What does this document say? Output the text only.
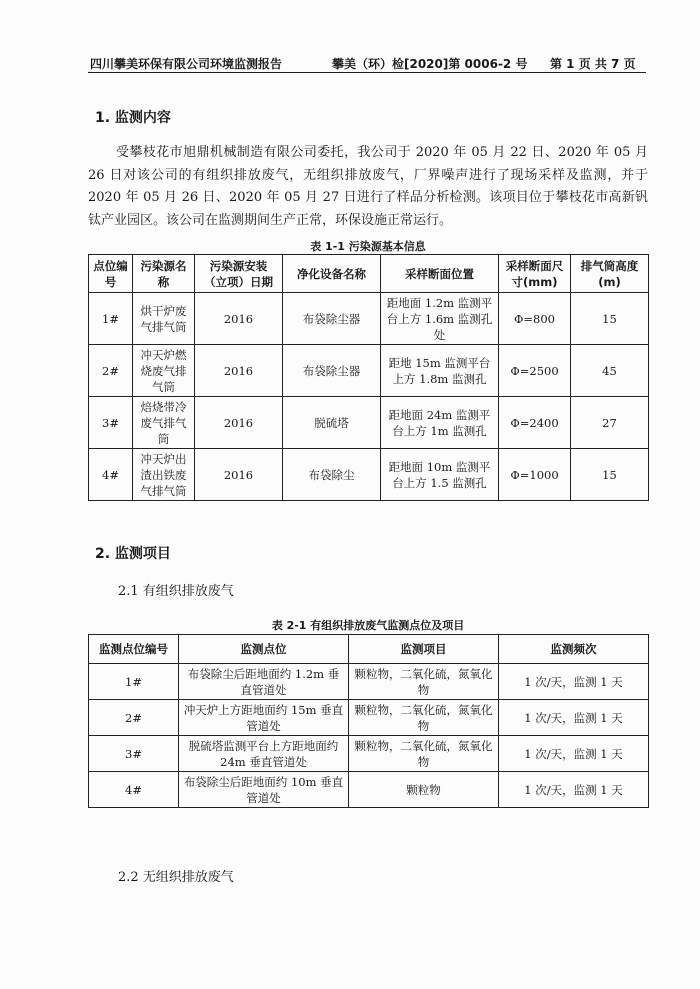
四川攀美环保有限公司环境监测报告	攀美（环）检[2020]第 0006-2 号 第 1 页 共 7 页
1. 监测内容
受攀枝花市旭鼎机械制造有限公司委托，我公司于 2020 年 05 月 22 日、2020 年 05 月 26 日对该公司的有组织排放废气，无组织排放废气，厂界噪声进行了现场采样及监测，并于 2020 年 05 月 26 日、2020 年 05 月 27 日进行了样品分析检测。该项目位于攀枝花市高新钒钛产业园区。该公司在监测期间生产正常，环保设施正常运行。
表 1-1 污染源基本信息
点位编号	污染源名称	污染源安装（立项）日期	净化设备名称	采样断面位置	采样断面尺寸(mm)	排气筒高度(m)
1#	烘干炉废气排气筒	2016	布袋除尘器	距地面 1.2m 监测平台上方 1.6m 监测孔处	Φ=800	15
2#	冲天炉燃烧废气排气筒	2016	布袋除尘器	距地 15m 监测平台上方 1.8m 监测孔	Φ=2500	45
3#	焙烧带冷废气排气筒	2016	脱硫塔	距地面 24m 监测平台上方 1m 监测孔	Φ=2400	27
4#	冲天炉出渣出铁废气排气筒	2016	布袋除尘	距地面 10m 监测平台上方 1.5 监测孔	Φ=1000	15
2. 监测项目
2.1 有组织排放废气
表 2-1 有组织排放废气监测点位及项目
监测点位编号	监测点位	监测项目	监测频次
1#	布袋除尘后距地面约 1.2m 垂直管道处	颗粒物，二氧化硫，氮氧化物	1 次/天，监测 1 天
2#	冲天炉上方距地面约 15m 垂直管道处	颗粒物，二氧化硫，氮氧化物	1 次/天，监测 1 天
3#	脱硫塔监测平台上方距地面约 24m 垂直管道处	颗粒物，二氧化硫，氮氧化物	1 次/天，监测 1 天
4#	布袋除尘后距地面约 10m 垂直管道处	颗粒物	1 次/天，监测 1 天
2.2 无组织排放废气
